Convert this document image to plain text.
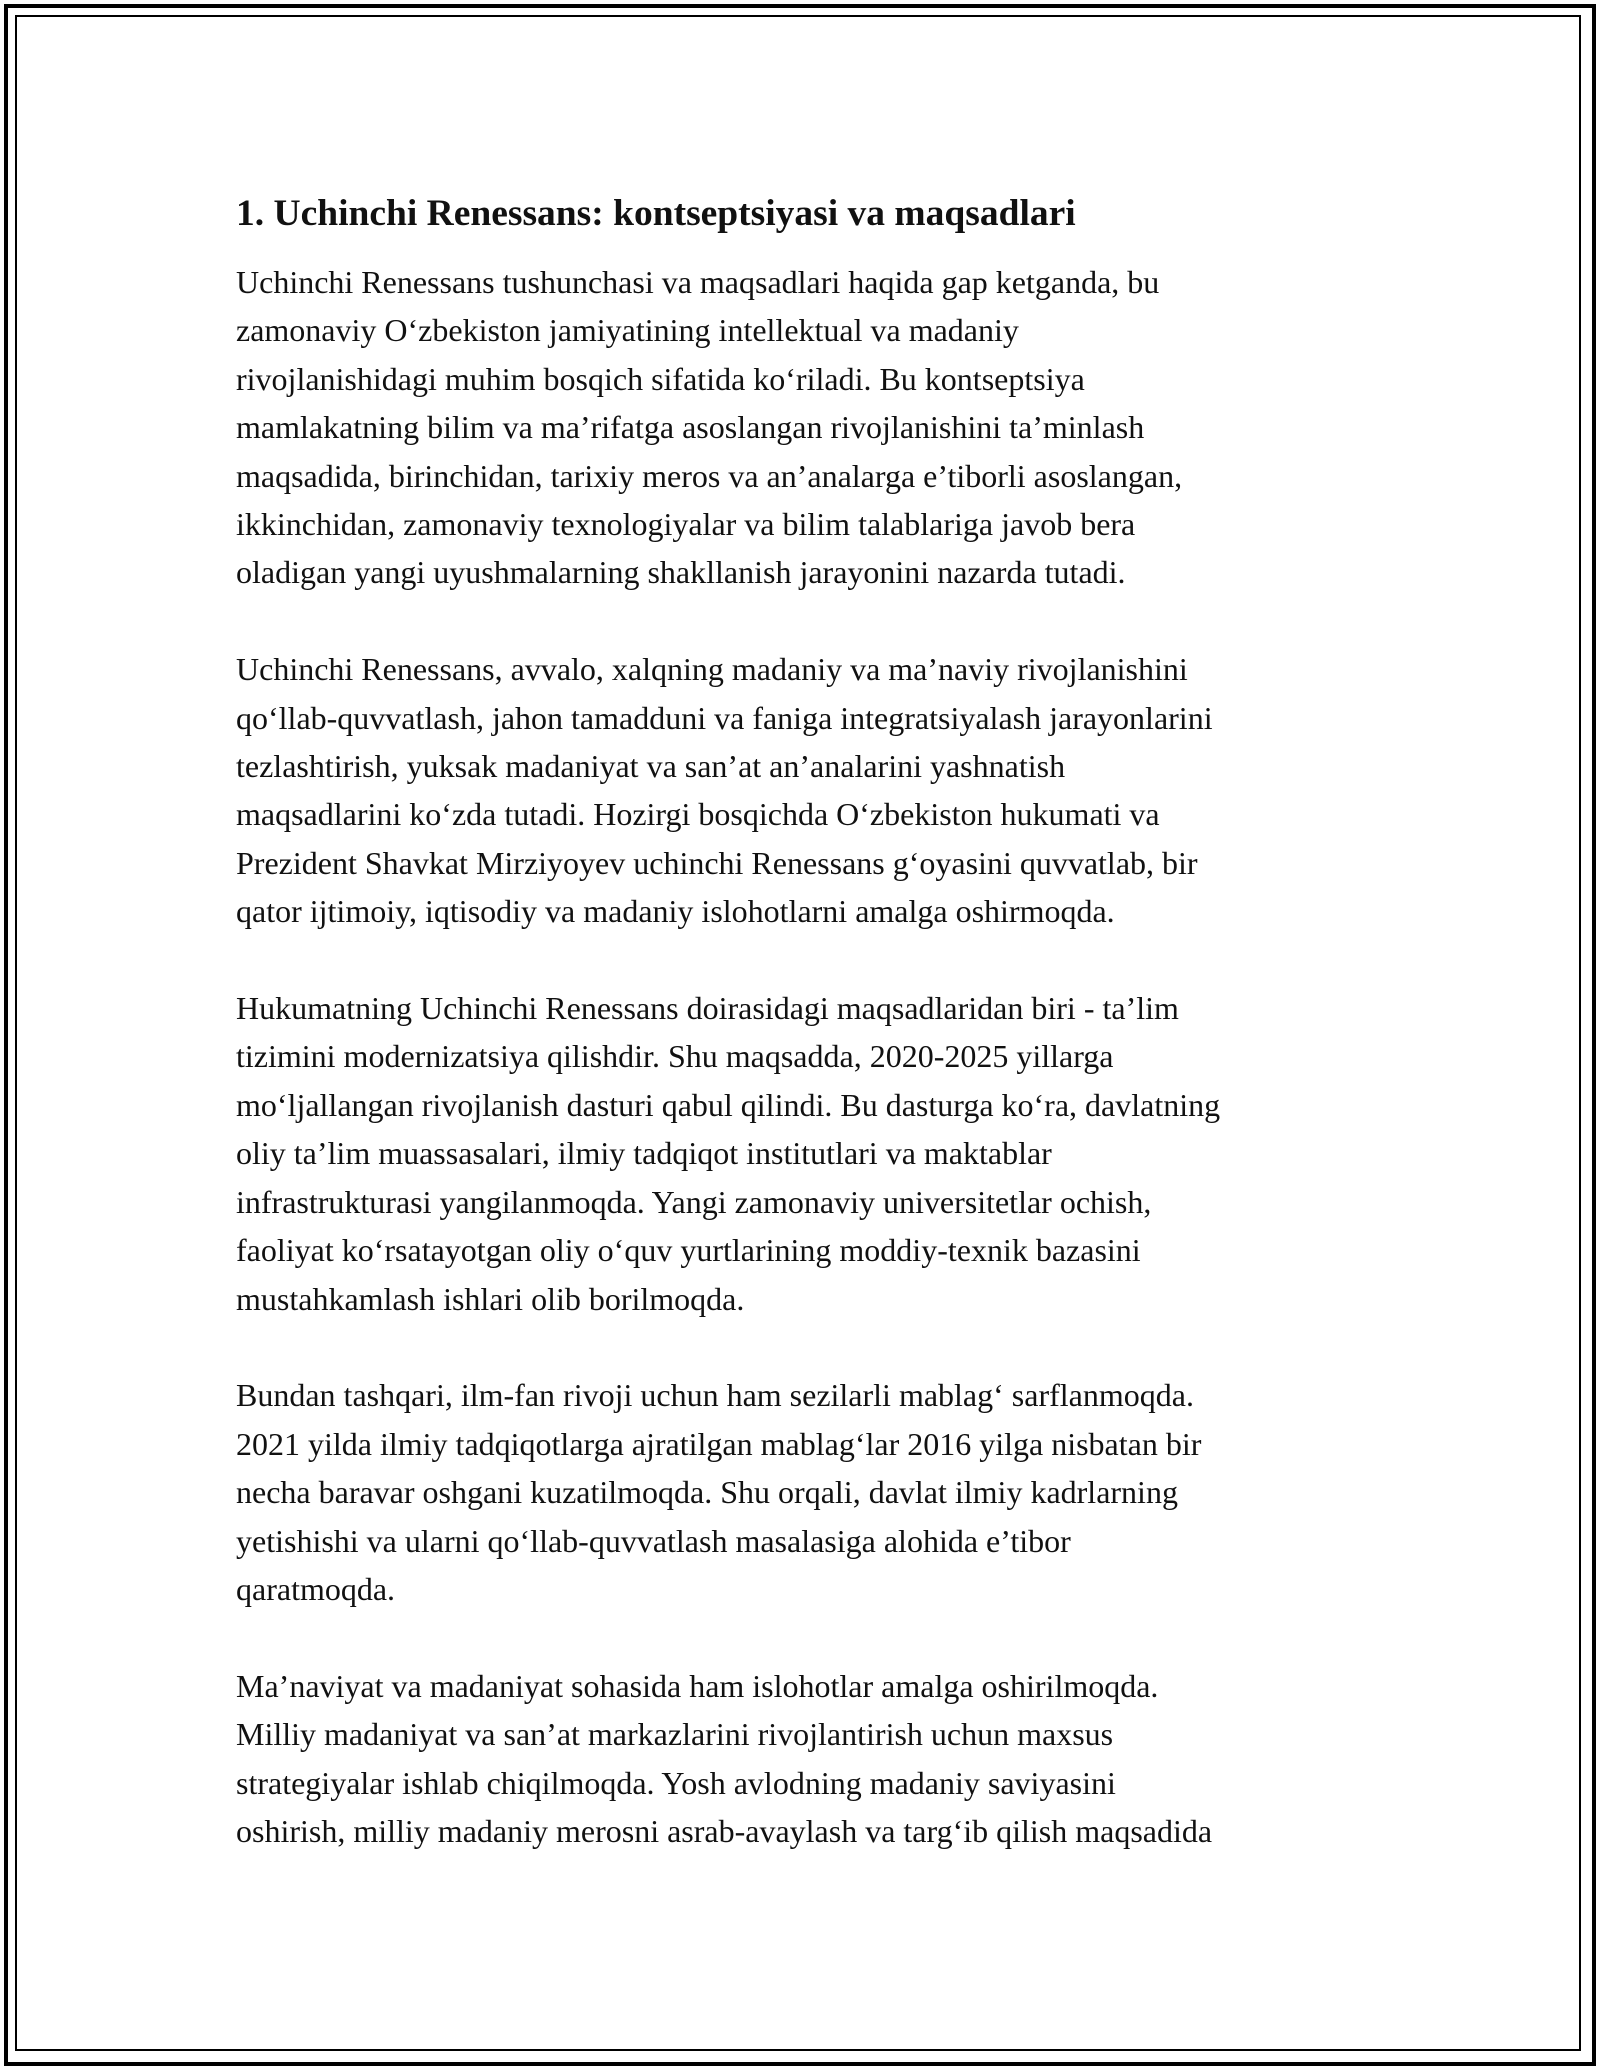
1. Uchinchi Renessans: kontseptsiyasi va maqsadlari
Uchinchi Renessans tushunchasi va maqsadlari haqida gap ketganda, bu
zamonaviy O‘zbekiston jamiyatining intellektual va madaniy
rivojlanishidagi muhim bosqich sifatida ko‘riladi. Bu kontseptsiya
mamlakatning bilim va ma’rifatga asoslangan rivojlanishini ta’minlash
maqsadida, birinchidan, tarixiy meros va an’analarga e’tiborli asoslangan,
ikkinchidan, zamonaviy texnologiyalar va bilim talablariga javob bera
oladigan yangi uyushmalarning shakllanish jarayonini nazarda tutadi.
Uchinchi Renessans, avvalo, xalqning madaniy va ma’naviy rivojlanishini
qo‘llab-quvvatlash, jahon tamadduni va faniga integratsiyalash jarayonlarini
tezlashtirish, yuksak madaniyat va san’at an’analarini yashnatish
maqsadlarini ko‘zda tutadi. Hozirgi bosqichda O‘zbekiston hukumati va
Prezident Shavkat Mirziyoyev uchinchi Renessans g‘oyasini quvvatlab, bir
qator ijtimoiy, iqtisodiy va madaniy islohotlarni amalga oshirmoqda.
Hukumatning Uchinchi Renessans doirasidagi maqsadlaridan biri - ta’lim
tizimini modernizatsiya qilishdir. Shu maqsadda, 2020-2025 yillarga
mo‘ljallangan rivojlanish dasturi qabul qilindi. Bu dasturga ko‘ra, davlatning
oliy ta’lim muassasalari, ilmiy tadqiqot institutlari va maktablar
infrastrukturasi yangilanmoqda. Yangi zamonaviy universitetlar ochish,
faoliyat ko‘rsatayotgan oliy o‘quv yurtlarining moddiy-texnik bazasini
mustahkamlash ishlari olib borilmoqda.
Bundan tashqari, ilm-fan rivoji uchun ham sezilarli mablag‘ sarflanmoqda.
2021 yilda ilmiy tadqiqotlarga ajratilgan mablag‘lar 2016 yilga nisbatan bir
necha baravar oshgani kuzatilmoqda. Shu orqali, davlat ilmiy kadrlarning
yetishishi va ularni qo‘llab-quvvatlash masalasiga alohida e’tibor
qaratmoqda.
Ma’naviyat va madaniyat sohasida ham islohotlar amalga oshirilmoqda.
Milliy madaniyat va san’at markazlarini rivojlantirish uchun maxsus
strategiyalar ishlab chiqilmoqda. Yosh avlodning madaniy saviyasini
oshirish, milliy madaniy merosni asrab-avaylash va targ‘ib qilish maqsadida
